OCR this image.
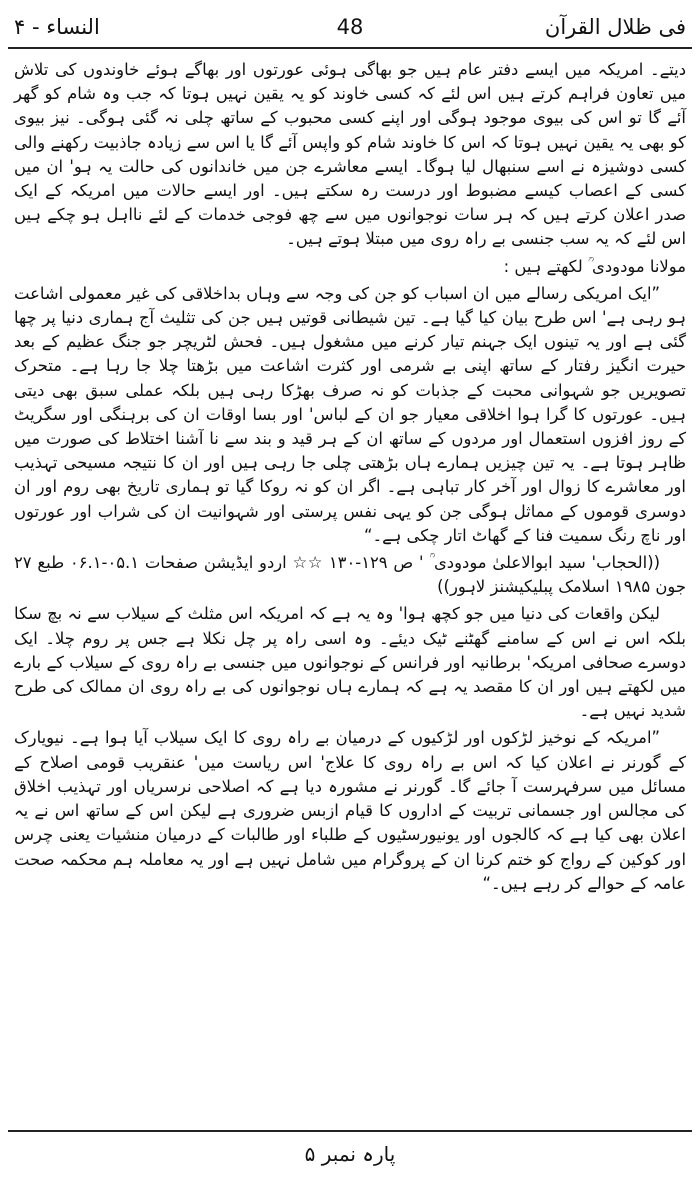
فی ظلال القرآن
48
النساء - ۴

دیتے۔ امریکہ میں ایسے دفتر عام ہیں جو بھاگی ہوئی عورتوں اور بھاگے ہوئے خاوندوں کی تلاش میں تعاون فراہم کرتے ہیں اس لئے کہ کسی خاوند کو یہ یقین نہیں ہوتا کہ جب وہ شام کو گھر آئے گا تو اس کی بیوی موجود ہوگی اور اپنے کسی محبوب کے ساتھ چلی نہ گئی ہوگی۔ نیز بیوی کو بھی یہ یقین نہیں ہوتا کہ اس کا خاوند شام کو واپس آئے گا یا اس سے زیادہ جاذبیت رکھنے والی کسی دوشیزہ نے اسے سنبھال لیا ہوگا۔ ایسے معاشرے جن میں خاندانوں کی حالت یہ ہو' ان میں کسی کے اعصاب کیسے مضبوط اور درست رہ سکتے ہیں۔ اور ایسے حالات میں امریکہ کے ایک صدر اعلان کرتے ہیں کہ ہر سات نوجوانوں میں سے چھ فوجی خدمات کے لئے نااہل ہو چکے ہیں اس لئے کہ یہ سب جنسی بے راہ روی میں مبتلا ہوتے ہیں۔

مولانا مودودی ؒ لکھتے ہیں :

”ایک امریکی رسالے میں ان اسباب کو جن کی وجہ سے وہاں بداخلاقی کی غیر معمولی اشاعت ہو رہی ہے' اس طرح بیان کیا گیا ہے۔ تین شیطانی قوتیں ہیں جن کی تثلیث آج ہماری دنیا پر چھا گئی ہے اور یہ تینوں ایک جہنم تیار کرنے میں مشغول ہیں۔ فحش لٹریچر جو جنگ عظیم کے بعد حیرت انگیز رفتار کے ساتھ اپنی بے شرمی اور کثرت اشاعت میں بڑھتا چلا جا رہا ہے۔ متحرک تصویریں جو شہوانی محبت کے جذبات کو نہ صرف بھڑکا رہی ہیں بلکہ عملی سبق بھی دیتی ہیں۔ عورتوں کا گرا ہوا اخلاقی معیار جو ان کے لباس' اور بسا اوقات ان کی برہنگی اور سگریٹ کے روز افزوں استعمال اور مردوں کے ساتھ ان کے ہر قید و بند سے نا آشنا اختلاط کی صورت میں ظاہر ہوتا ہے۔ یہ تین چیزیں ہمارے ہاں بڑھتی چلی جا رہی ہیں اور ان کا نتیجہ مسیحی تہذیب اور معاشرے کا زوال اور آخر کار تباہی ہے۔ اگر ان کو نہ روکا گیا تو ہماری تاریخ بھی روم اور ان دوسری قوموں کے مماثل ہوگی جن کو یہی نفس پرستی اور شہوانیت ان کی شراب اور عورتوں اور ناچ رنگ سمیت فنا کے گھاٹ اتار چکی ہے۔“

((الحجاب' سید ابوالاعلیٰ مودودی ؒ ' ص ۱۲۹-۱۳۰ ☆☆ اردو ایڈیشن صفحات ۰۵.۱-۰۶.۱ طبع ۲۷ جون ۱۹۸۵ اسلامک پبلیکیشنز لاہور))

لیکن واقعات کی دنیا میں جو کچھ ہوا' وہ یہ ہے کہ امریکہ اس مثلث کے سیلاب سے نہ بچ سکا بلکہ اس نے اس کے سامنے گھٹنے ٹیک دیئے۔ وہ اسی راہ پر چل نکلا ہے جس پر روم چلا۔ ایک دوسرے صحافی امریکہ' برطانیہ اور فرانس کے نوجوانوں میں جنسی بے راہ روی کے سیلاب کے بارے میں لکھتے ہیں اور ان کا مقصد یہ ہے کہ ہمارے ہاں نوجوانوں کی بے راہ روی ان ممالک کی طرح شدید نہیں ہے۔

”امریکہ کے نوخیز لڑکوں اور لڑکیوں کے درمیان بے راہ روی کا ایک سیلاب آیا ہوا ہے۔ نیویارک کے گورنر نے اعلان کیا کہ اس بے راہ روی کا علاج' اس ریاست میں' عنقریب قومی اصلاح کے مسائل میں سرفہرست آ جائے گا۔ گورنر نے مشورہ دیا ہے کہ اصلاحی نرسریاں اور تہذیب اخلاق کی مجالس اور جسمانی تربیت کے اداروں کا قیام ازبس ضروری ہے لیکن اس کے ساتھ اس نے یہ اعلان بھی کیا ہے کہ کالجوں اور یونیورسٹیوں کے طلباء اور طالبات کے درمیان منشیات یعنی چرس اور کوکین کے رواج کو ختم کرنا ان کے پروگرام میں شامل نہیں ہے اور یہ معاملہ ہم محکمہ صحت عامہ کے حوالے کر رہے ہیں۔“

پارہ نمبر ۵
